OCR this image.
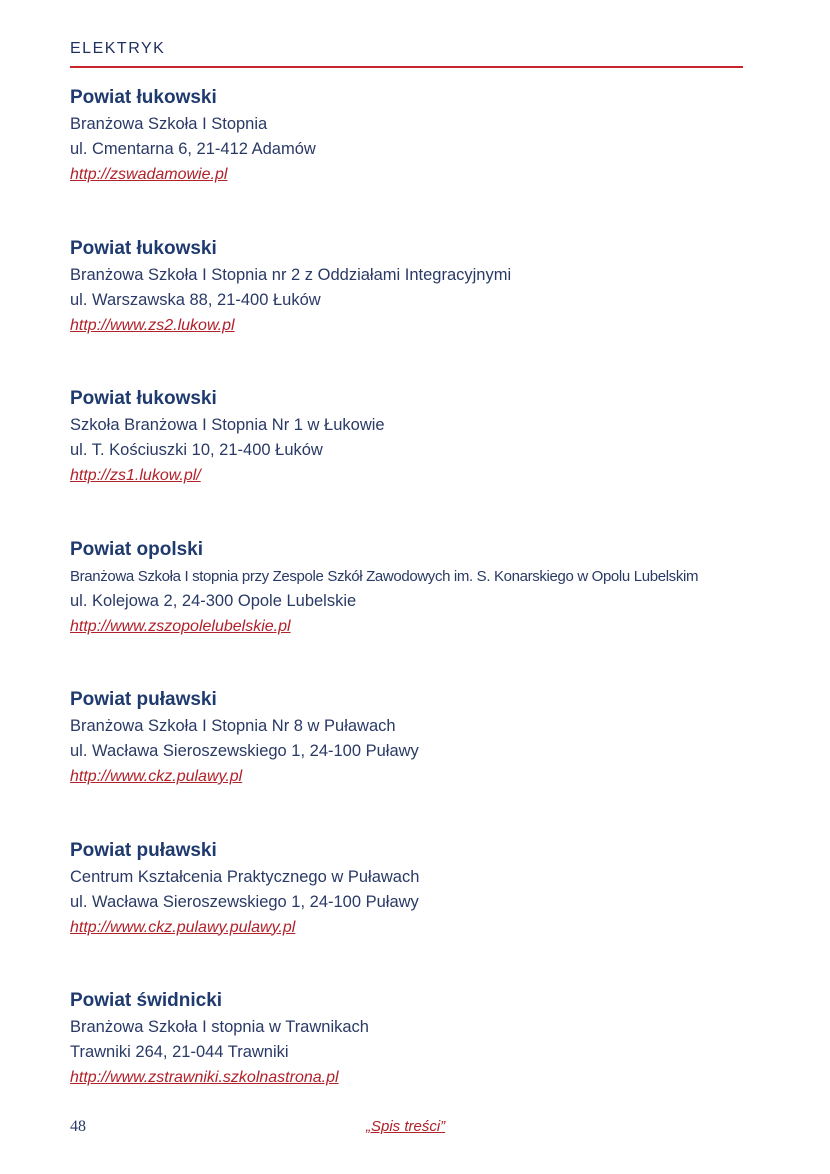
ELEKTRYK
Powiat łukowski
Branżowa Szkoła I Stopnia
ul. Cmentarna 6, 21-412 Adamów
http://zswadamowie.pl
Powiat łukowski
Branżowa Szkoła I Stopnia nr 2 z Oddziałami Integracyjnymi
ul. Warszawska 88, 21-400 Łuków
http://www.zs2.lukow.pl
Powiat łukowski
Szkoła Branżowa I Stopnia Nr 1 w Łukowie
ul. T. Kościuszki 10, 21-400 Łuków
http://zs1.lukow.pl/
Powiat opolski
Branżowa Szkoła I stopnia przy Zespole Szkół Zawodowych im. S. Konarskiego w Opolu Lubelskim
ul. Kolejowa 2, 24-300 Opole Lubelskie
http://www.zszopolelubelskie.pl
Powiat puławski
Branżowa Szkoła I Stopnia Nr 8 w Puławach
ul. Wacława Sieroszewskiego 1, 24-100 Puławy
http://www.ckz.pulawy.pl
Powiat puławski
Centrum Kształcenia Praktycznego w Puławach
ul. Wacława Sieroszewskiego 1, 24-100 Puławy
http://www.ckz.pulawy.pulawy.pl
Powiat świdnicki
Branżowa Szkoła I stopnia w Trawnikach
Trawniki 264, 21-044 Trawniki
http://www.zstrawniki.szkolnastrona.pl
48	„Spis treści”
